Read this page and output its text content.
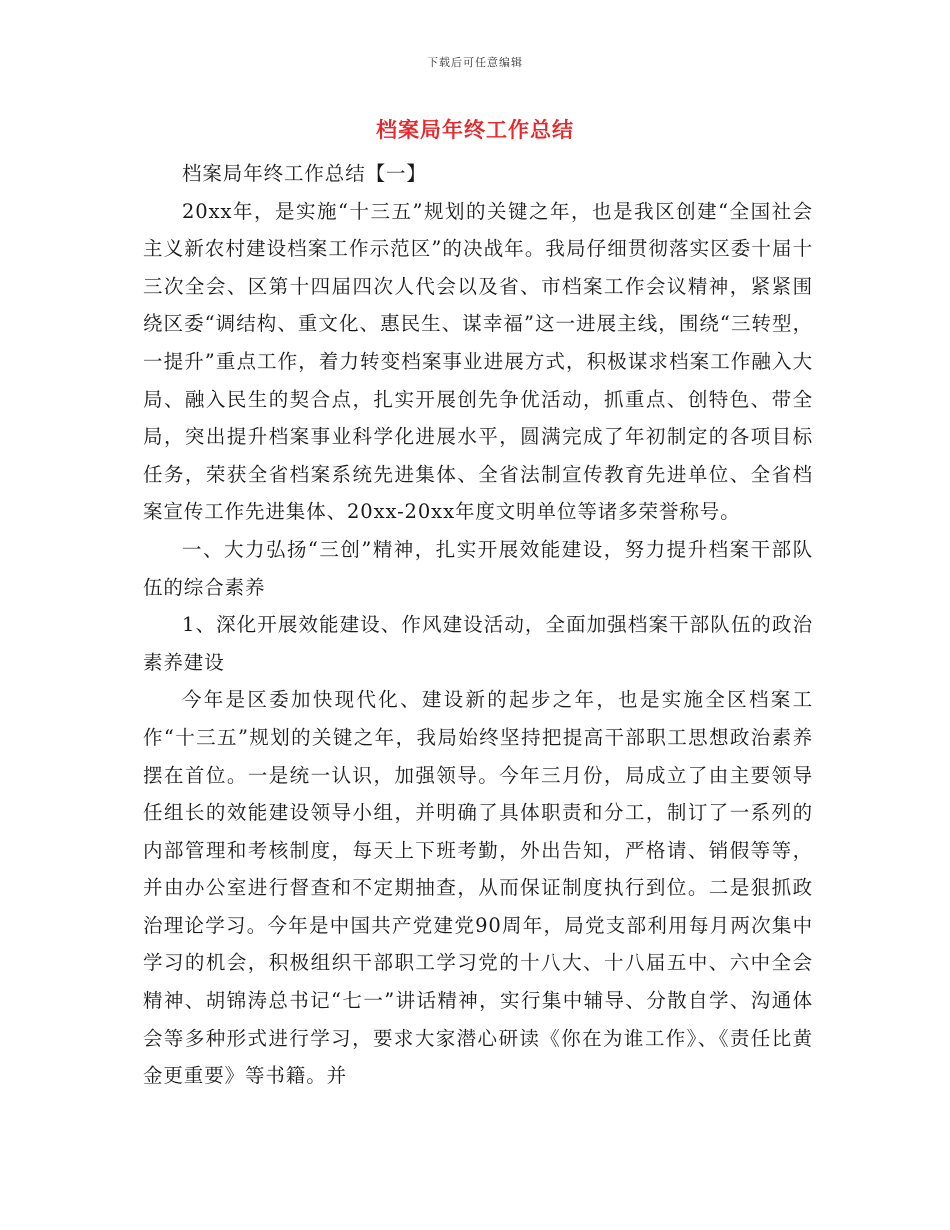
下载后可任意编辑
档案局年终工作总结

档案局年终工作总结【一】

20xx年，是实施“十三五”规划的关键之年，也是我区创建“全国社会主义新农村建设档案工作示范区”的决战年。我局仔细贯彻落实区委十届十三次全会、区第十四届四次人代会以及省、市档案工作会议精神，紧紧围绕区委“调结构、重文化、惠民生、谋幸福”这一进展主线，围绕“三转型，一提升”重点工作，着力转变档案事业进展方式，积极谋求档案工作融入大局、融入民生的契合点，扎实开展创先争优活动，抓重点、创特色、带全局，突出提升档案事业科学化进展水平，圆满完成了年初制定的各项目标任务，荣获全省档案系统先进集体、全省法制宣传教育先进单位、全省档案宣传工作先进集体、20xx-20xx年度文明单位等诸多荣誉称号。

一、大力弘扬“三创”精神，扎实开展效能建设，努力提升档案干部队伍的综合素养

1、深化开展效能建设、作风建设活动，全面加强档案干部队伍的政治素养建设

今年是区委加快现代化、建设新的起步之年，也是实施全区档案工作“十三五”规划的关键之年，我局始终坚持把提高干部职工思想政治素养摆在首位。一是统一认识，加强领导。今年三月份，局成立了由主要领导任组长的效能建设领导小组，并明确了具体职责和分工，制订了一系列的内部管理和考核制度，每天上下班考勤，外出告知，严格请、销假等等，并由办公室进行督查和不定期抽查，从而保证制度执行到位。二是狠抓政治理论学习。今年是中国共产党建党90周年，局党支部利用每月两次集中学习的机会，积极组织干部职工学习党的十八大、十八届五中、六中全会精神、胡锦涛总书记“七一”讲话精神，实行集中辅导、分散自学、沟通体会等多种形式进行学习，要求大家潜心研读《你在为谁工作》、《责任比黄金更重要》等书籍。并
